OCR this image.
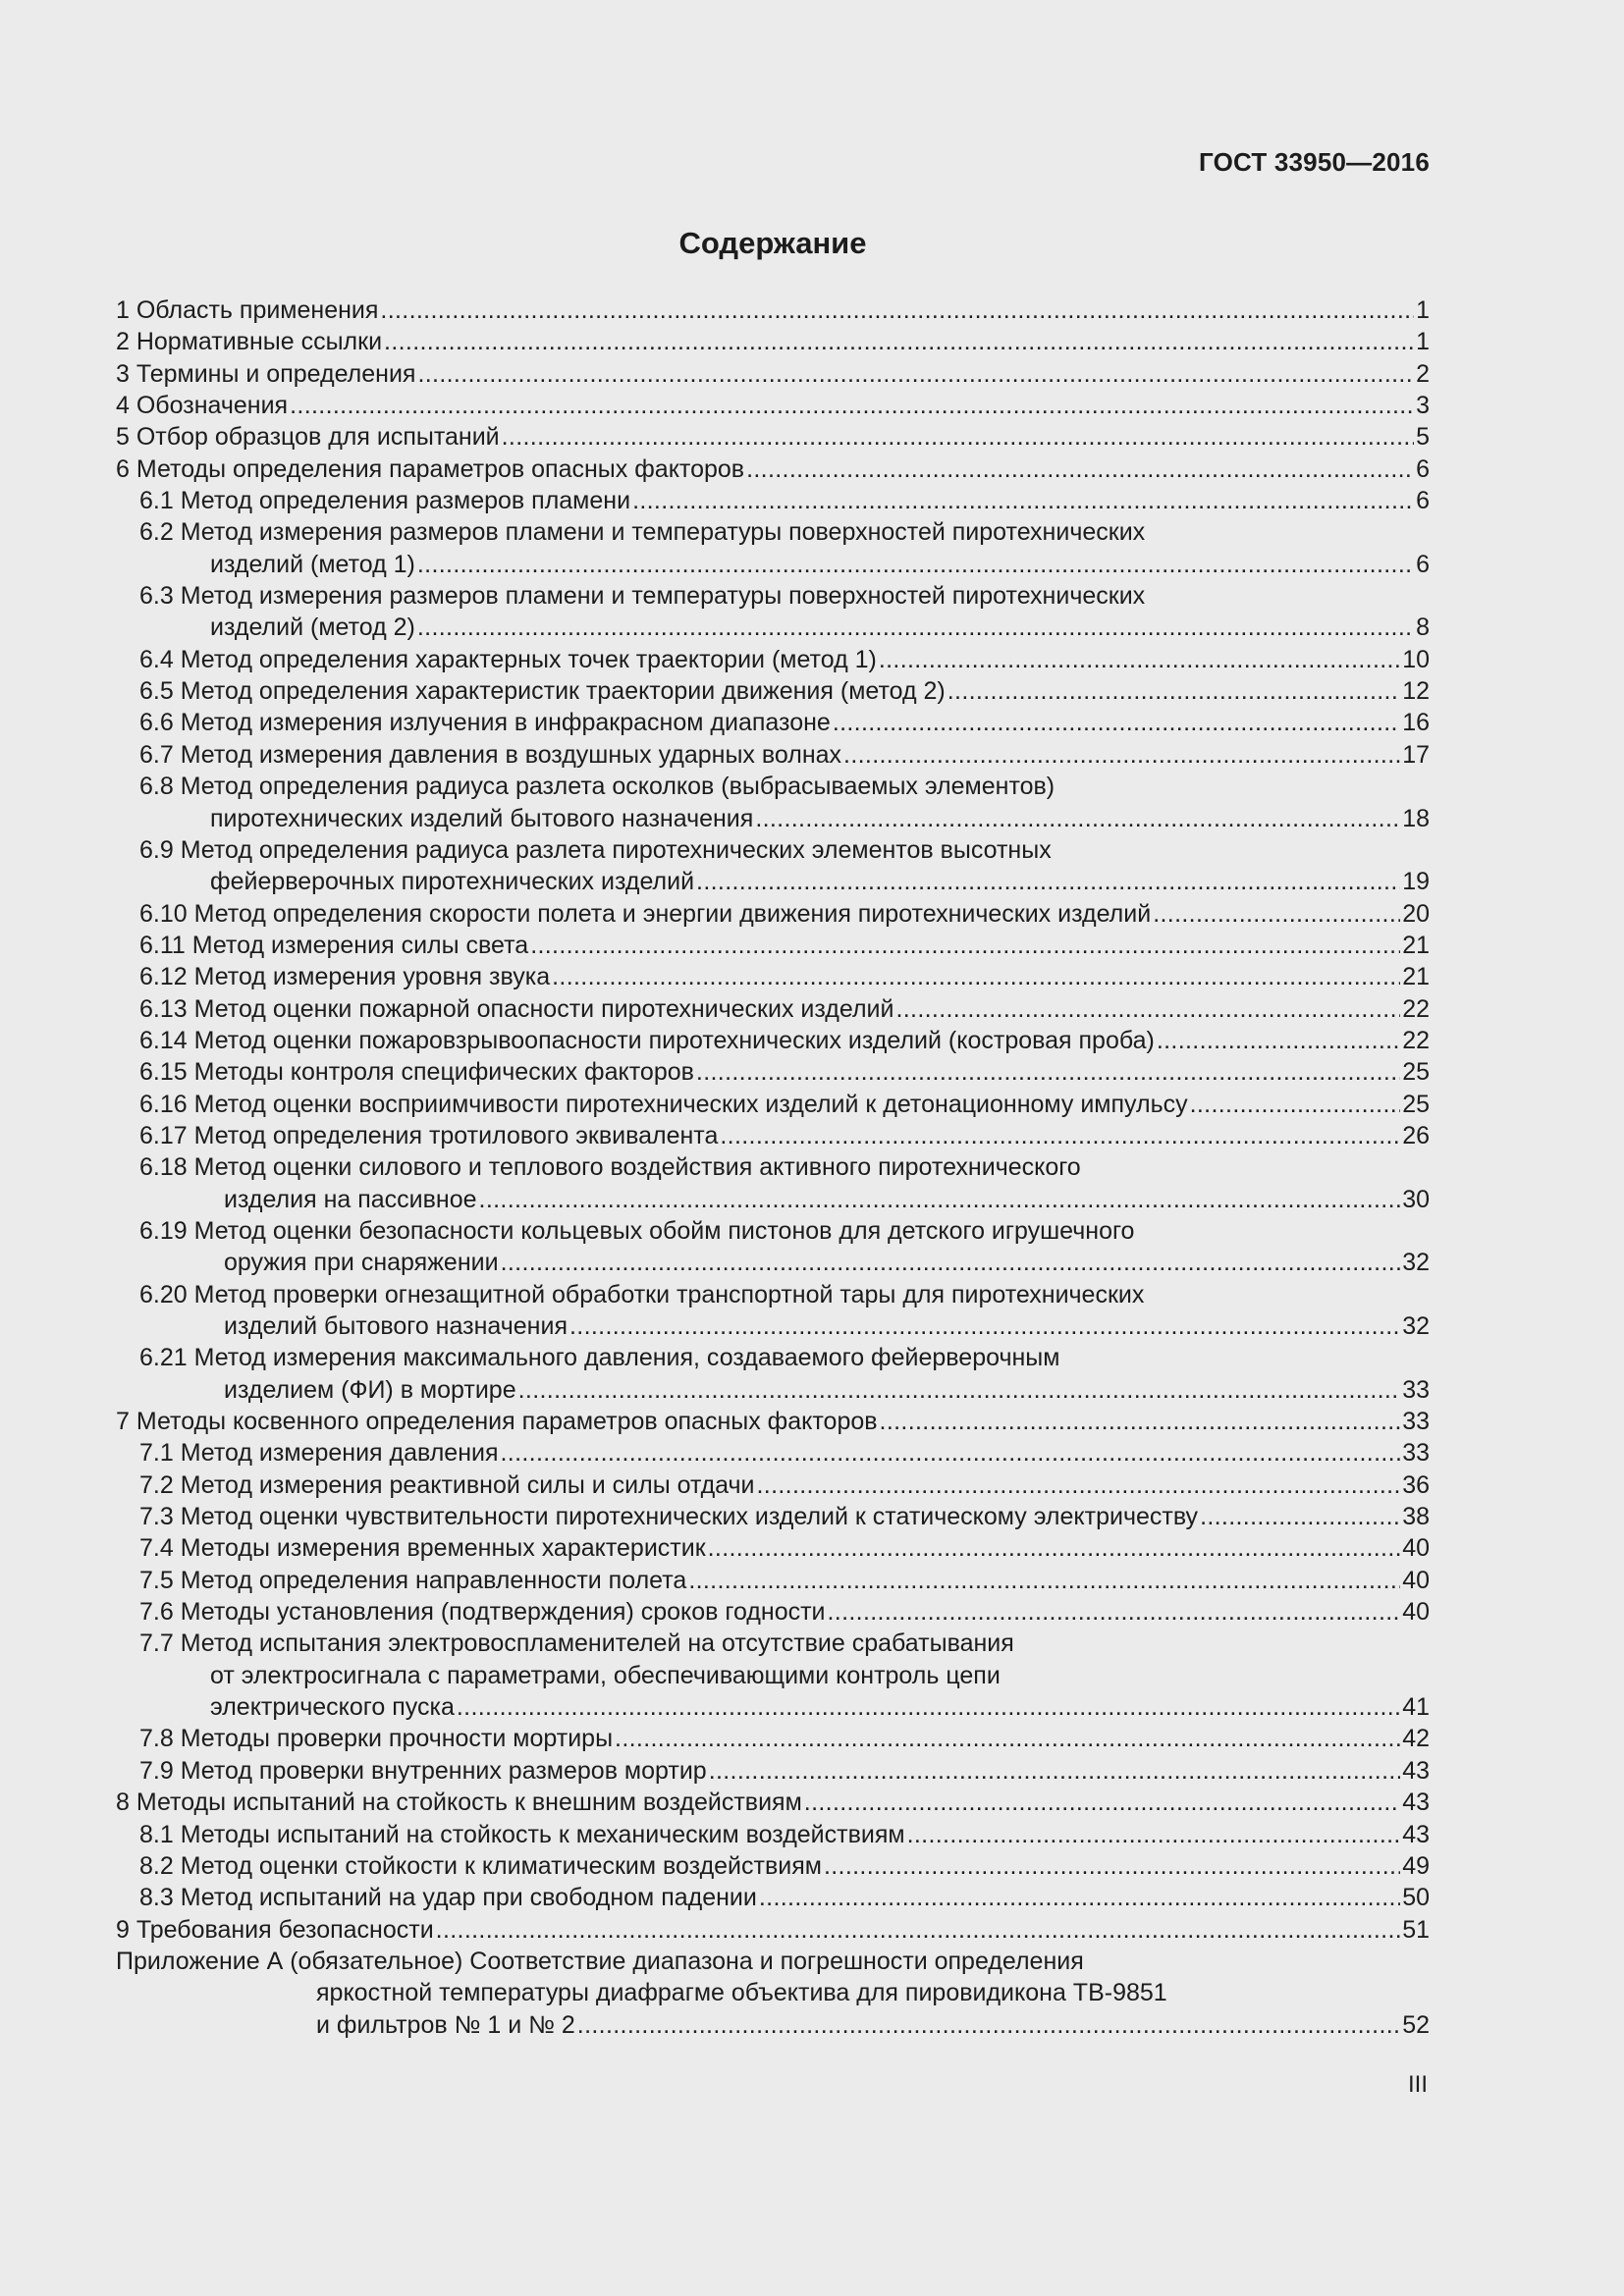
ГОСТ 33950—2016
Содержание
1 Область применения . . .	1
2 Нормативные ссылки . . .	1
3 Термины и определения . . .	2
4 Обозначения . . .	3
5 Отбор образцов для испытаний . . .	5
6 Методы определения параметров опасных факторов . . .	6
6.1 Метод определения размеров пламени . . .	6
6.2 Метод измерения размеров пламени и температуры поверхностей пиротехнических
изделий (метод 1) . . .	6
6.3 Метод измерения размеров пламени и температуры поверхностей пиротехнических
изделий (метод 2) . . .	8
6.4 Метод определения характерных точек траектории (метод 1) . . .	10
6.5 Метод определения характеристик траектории движения (метод 2) . . .	12
6.6 Метод измерения излучения в инфракрасном диапазоне . . .	16
6.7 Метод измерения давления в воздушных ударных волнах . . .	17
6.8 Метод определения радиуса разлета осколков (выбрасываемых элементов)
пиротехнических изделий бытового назначения . . .	18
6.9 Метод определения радиуса разлета пиротехнических элементов высотных
фейерверочных пиротехнических изделий . . .	19
6.10 Метод определения скорости полета и энергии движения пиротехнических изделий . . .	20
6.11 Метод измерения силы света . . .	21
6.12 Метод измерения уровня звука . . .	21
6.13 Метод оценки пожарной опасности пиротехнических изделий . . .	22
6.14 Метод оценки пожаровзрывоопасности пиротехнических изделий (костровая проба) . . .	22
6.15 Методы контроля специфических факторов . . .	25
6.16 Метод оценки восприимчивости пиротехнических изделий к детонационному импульсу . . .	25
6.17 Метод определения тротилового эквивалента . . .	26
6.18 Метод оценки силового и теплового воздействия активного пиротехнического
изделия на пассивное . . .	30
6.19 Метод оценки безопасности кольцевых обойм пистонов для детского игрушечного
оружия при снаряжении . . .	32
6.20 Метод проверки огнезащитной обработки транспортной тары для пиротехнических
изделий бытового назначения . . .	32
6.21 Метод измерения максимального давления, создаваемого фейерверочным
изделием (ФИ) в мортире . . .	33
7 Методы косвенного определения параметров опасных факторов . . .	33
7.1 Метод измерения давления . . .	33
7.2 Метод измерения реактивной силы и силы отдачи . . .	36
7.3 Метод оценки чувствительности пиротехнических изделий к статическому электричеству . . .	38
7.4 Методы измерения временных характеристик . . .	40
7.5 Метод определения направленности полета . . .	40
7.6 Методы установления (подтверждения) сроков годности . . .	40
7.7 Метод испытания электровоспламенителей на отсутствие срабатывания
от электросигнала с параметрами, обеспечивающими контроль цепи
электрического пуска . . .	41
7.8 Методы проверки прочности мортиры . . .	42
7.9 Метод проверки внутренних размеров мортир . . .	43
8 Методы испытаний на стойкость к внешним воздействиям . . .	43
8.1 Методы испытаний на стойкость к механическим воздействиям . . .	43
8.2 Метод оценки стойкости к климатическим воздействиям . . .	49
8.3 Метод испытаний на удар при свободном падении . . .	50
9 Требования безопасности . . .	51
Приложение А (обязательное) Соответствие диапазона и погрешности определения
яркостной температуры диафрагме объектива для пировидикона ТВ-9851
и фильтров № 1 и № 2 . . .	52
III
